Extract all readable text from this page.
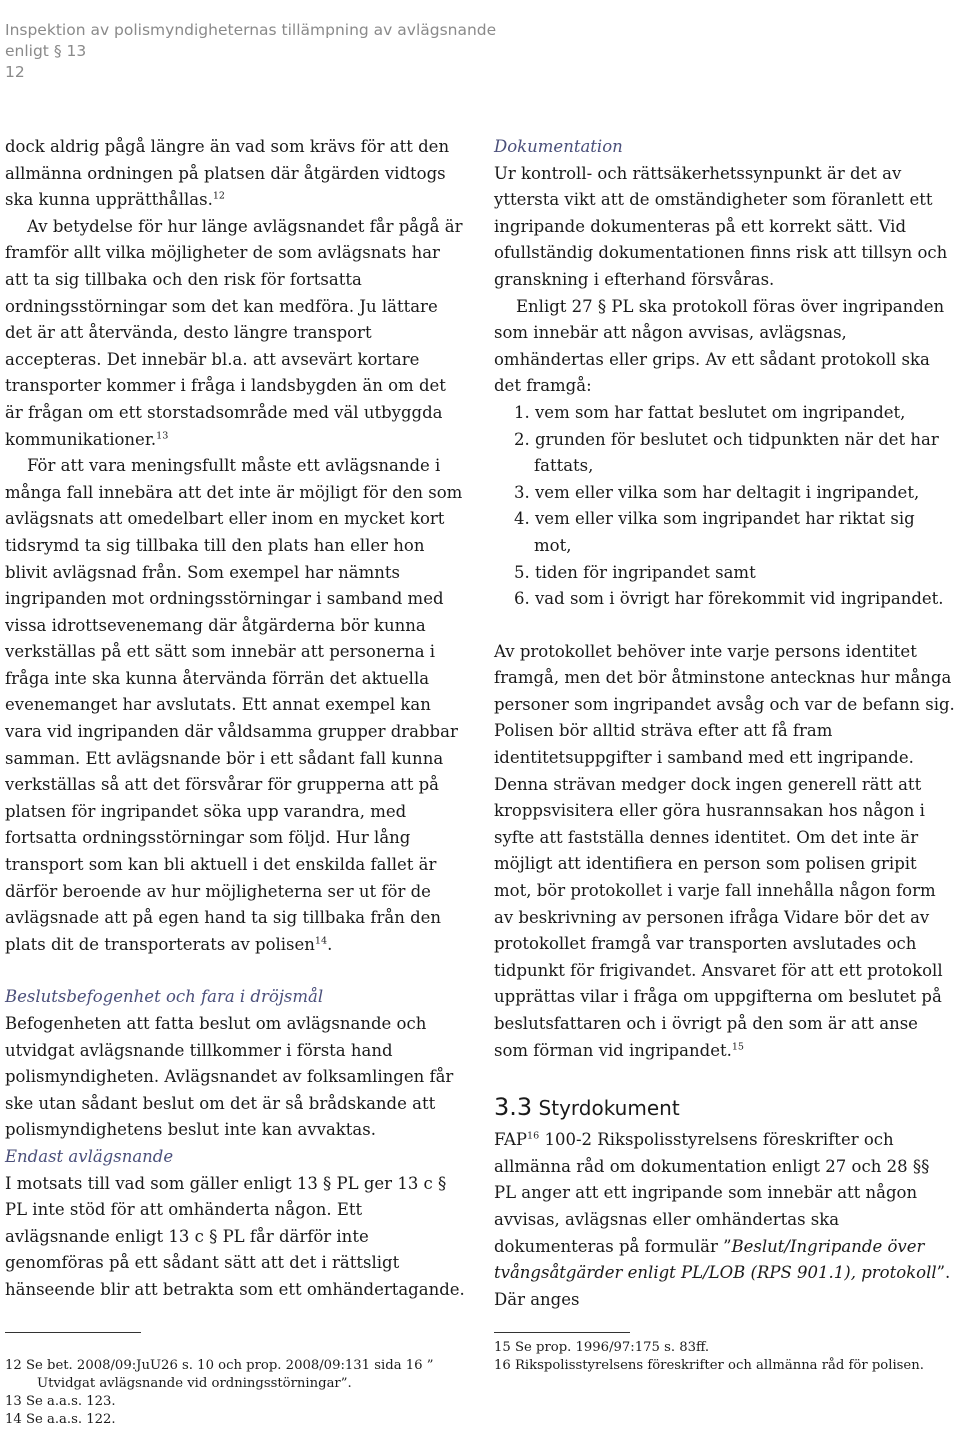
Inspektion av polismyndigheternas tillämpning av avlägsnande
enligt § 13
12

dock aldrig pågå längre än vad som krävs för att den allmänna ordningen på platsen där åtgärden vidtogs ska kunna upprätthållas.$^{12}$

Av betydelse för hur länge avlägsnandet får pågå är framför allt vilka möjligheter de som avlägsnats har att ta sig tillbaka och den risk för fortsatta ordningsstörningar som det kan medföra. Ju lättare det är att återvända, desto längre transport accepteras. Det innebär bl.a. att avsevärt kortare transporter kommer i fråga i landsbygden än om det är frågan om ett storstadsområde med väl utbyggda kommunikationer.$^{13}$

För att vara meningsfullt måste ett avlägsnande i många fall innebära att det inte är möjligt för den som avlägsnats att omedelbart eller inom en mycket kort tidsrymd ta sig tillbaka till den plats han eller hon blivit avlägsnad från. Som exempel har nämnts ingripanden mot ordningsstörningar i samband med vissa idrottsevenemang där åtgärderna bör kunna verkställas på ett sätt som innebär att personerna i fråga inte ska kunna återvända förrän det aktuella evenemanget har avslutats. Ett annat exempel kan vara vid ingripanden där våldsamma grupper drabbar samman. Ett avlägsnande bör i ett sådant fall kunna verkställas så att det försvårar för grupperna att på platsen för ingripandet söka upp varandra, med fortsatta ordningsstörningar som följd. Hur lång transport som kan bli aktuell i det enskilda fallet är därför beroende av hur möjligheterna ser ut för de avlägsnade att på egen hand ta sig tillbaka från den plats dit de transporterats av polisen$^{14}$.

Beslutsbefogenhet och fara i dröjsmål

Befogenheten att fatta beslut om avlägsnande och utvidgat avlägsnande tillkommer i första hand polismyndigheten. Avlägsnandet av folksamlingen får ske utan sådant beslut om det är så brådskande att polismyndighetens beslut inte kan avvaktas.

Endast avlägsnande

I motsats till vad som gäller enligt 13 § PL ger 13 c § PL inte stöd för att omhänderta någon. Ett avlägsnande enligt 13 c § PL får därför inte genomföras på ett sådant sätt att det i rättsligt hänseende blir att betrakta som ett omhändertagande.

Dokumentation

Ur kontroll- och rättsäkerhetssynpunkt är det av yttersta vikt att de omständigheter som föranlett ett ingripande dokumenteras på ett korrekt sätt. Vid ofullständig dokumentationen finns risk att tillsyn och granskning i efterhand försvåras.

Enligt 27 § PL ska protokoll föras över ingripanden som innebär att någon avvisas, avlägsnas, omhändertas eller grips. Av ett sådant protokoll ska det framgå:

1. vem som har fattat beslutet om ingripandet,
2. grunden för beslutet och tidpunkten när det har fattats,
3. vem eller vilka som har deltagit i ingripandet,
4. vem eller vilka som ingripandet har riktat sig mot,
5. tiden för ingripandet samt
6. vad som i övrigt har förekommit vid ingripandet.

Av protokollet behöver inte varje persons identitet framgå, men det bör åtminstone antecknas hur många personer som ingripandet avsåg och var de befann sig. Polisen bör alltid sträva efter att få fram identitetsuppgifter i samband med ett ingripande. Denna strävan medger dock ingen generell rätt att kroppsvisitera eller göra husrannsakan hos någon i syfte att fastställa dennes identitet. Om det inte är möjligt att identifiera en person som polisen gripit mot, bör protokollet i varje fall innehålla någon form av beskrivning av personen ifråga Vidare bör det av protokollet framgå var transporten avslutades och tidpunkt för frigivandet. Ansvaret för att ett protokoll upprättas vilar i fråga om uppgifterna om beslutet på beslutsfattaren och i övrigt på den som är att anse som förman vid ingripandet.$^{15}$

3.3 Styrdokument

FAP$^{16}$ 100-2 Rikspolisstyrelsens föreskrifter och allmänna råd om dokumentation enligt 27 och 28 §§ PL anger att ett ingripande som innebär att någon avvisas, avlägsnas eller omhändertas ska dokumenteras på formulär ”Beslut/Ingripande över tvångsåtgärder enligt PL/LOB (RPS 901.1), protokoll”. Där anges

12 Se bet. 2008/09:JuU26 s. 10 och prop. 2008/09:131 sida 16 ” Utvidgat avlägsnande vid ordningsstörningar”.
13 Se a.a.s. 123.
14 Se a.a.s. 122.
15 Se prop. 1996/97:175 s. 83ff.
16 Rikspolisstyrelsens föreskrifter och allmänna råd för polisen.
